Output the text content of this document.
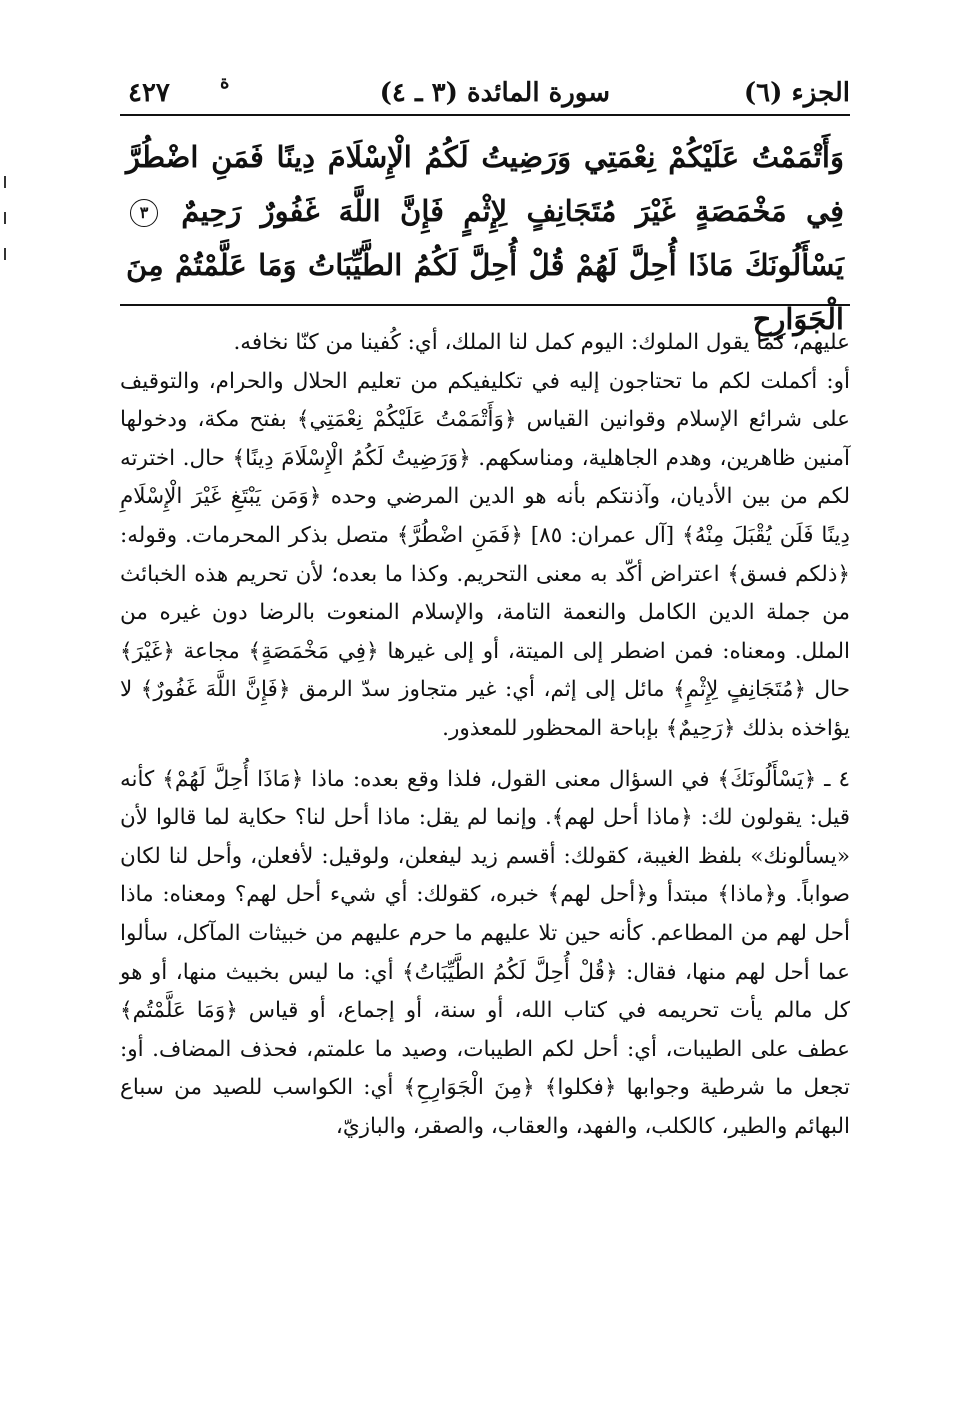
الجزء (٦)
سورة المائدة (٣ ـ ٤)
ة
٤٢٧
وَأَتْمَمْتُ عَلَيْكُمْ نِعْمَتِي وَرَضِيتُ لَكُمُ الْإِسْلَامَ دِينًا فَمَنِ اضْطُرَّ فِي مَخْمَصَةٍ غَيْرَ مُتَجَانِفٍ لِإِثْمٍ فَإِنَّ اللَّهَ غَفُورٌ رَحِيمٌ ٣ يَسْأَلُونَكَ مَاذَا أُحِلَّ لَهُمْ قُلْ أُحِلَّ لَكُمُ الطَّيِّبَاتُ وَمَا عَلَّمْتُمْ مِنَ الْجَوَارِحِ

عليهم، كما يقول الملوك: اليوم كمل لنا الملك، أي: كُفينا من كنّا نخافه.

أو: أكملت لكم ما تحتاجون إليه في تكليفيكم من تعليم الحلال والحرام، والتوقيف على شرائع الإسلام وقوانين القياس ﴿وَأَتْمَمْتُ عَلَيْكُمْ نِعْمَتِي﴾ بفتح مكة، ودخولها آمنين ظاهرين، وهدم الجاهلية، ومناسكهم. ﴿وَرَضِيتُ لَكُمُ الْإِسْلَامَ دِينًا﴾ حال. اخترته لكم من بين الأديان، وآذنتكم بأنه هو الدين المرضي وحده ﴿وَمَن يَبْتَغِ غَيْرَ الْإِسْلَامِ دِينًا فَلَن يُقْبَلَ مِنْهُ﴾ [آل عمران: ٨٥] ﴿فَمَنِ اضْطُرَّ﴾ متصل بذكر المحرمات. وقوله: ﴿ذلكم فسق﴾ اعتراض أكّد به معنى التحريم. وكذا ما بعده؛ لأن تحريم هذه الخبائث من جملة الدين الكامل والنعمة التامة، والإسلام المنعوت بالرضا دون غيره من الملل. ومعناه: فمن اضطر إلى الميتة، أو إلى غيرها ﴿فِي مَخْمَصَةٍ﴾ مجاعة ﴿غَيْرَ﴾ حال ﴿مُتَجَانِفٍ لِإِثْمٍ﴾ مائل إلى إثم، أي: غير متجاوز سدّ الرمق ﴿فَإِنَّ اللَّهَ غَفُورٌ﴾ لا يؤاخذه بذلك ﴿رَحِيمٌ﴾ بإباحة المحظور للمعذور.

٤ ـ ﴿يَسْأَلُونَكَ﴾ في السؤال معنى القول، فلذا وقع بعده: ماذا ﴿مَاذَا أُحِلَّ لَهُمْ﴾ كأنه قيل: يقولون لك: ﴿ماذا أحل لهم﴾. وإنما لم يقل: ماذا أحل لنا؟ حكاية لما قالوا لأن «يسألونك» بلفظ الغيبة، كقولك: أقسم زيد ليفعلن، ولوقيل: لأفعلن، وأحل لنا لكان صواباً. و﴿ماذا﴾ مبتدأ و﴿أحل لهم﴾ خبره، كقولك: أي شيء أحل لهم؟ ومعناه: ماذا أحل لهم من المطاعم. كأنه حين تلا عليهم ما حرم عليهم من خبيثات المآكل، سألوا عما أحل لهم منها، فقال: ﴿قُلْ أُحِلَّ لَكُمُ الطَّيِّبَاتُ﴾ أي: ما ليس بخبيث منها، أو هو كل مالم يأت تحريمه في كتاب الله، أو سنة، أو إجماع، أو قياس ﴿وَمَا عَلَّمْتُم﴾ عطف على الطيبات، أي: أحل لكم الطيبات، وصيد ما علمتم، فحذف المضاف. أو: تجعل ما شرطية وجوابها ﴿فكلوا﴾ ﴿مِنَ الْجَوَارِحِ﴾ أي: الكواسب للصيد من سباع البهائم والطير، كالكلب، والفهد، والعقاب، والصقر، والبازيّ،
